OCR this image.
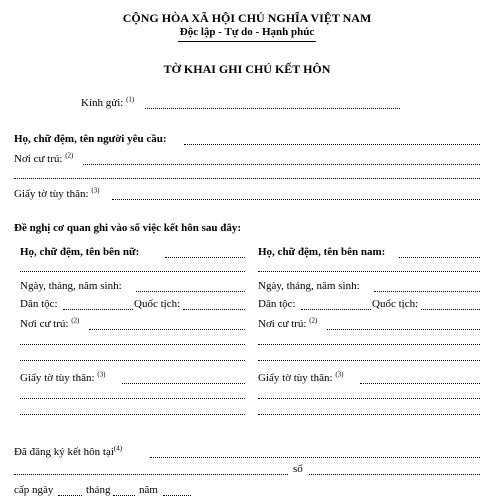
CỘNG HÒA XÃ HỘI CHỦ NGHĨA VIỆT NAM
Độc lập - Tự do - Hạnh phúc
TỜ KHAI GHI CHÚ KẾT HÔN
Kính gửi: $^{(1)}$
Họ, chữ đệm, tên người yêu cầu:
Nơi cư trú: $^{(2)}$
Giấy tờ tùy thân: $^{(3)}$
Đề nghị cơ quan ghi vào sổ việc kết hôn sau đây:
Họ, chữ đệm, tên bên nữ:
Ngày, tháng, năm sinh:
Dân tộc:	Quốc tịch:
Nơi cư trú: $^{(2)}$
Giấy tờ tùy thân: $^{(3)}$
Họ, chữ đệm, tên bên nam:
Ngày, tháng, năm sinh:
Dân tộc:	Quốc tịch:
Nơi cư trú: $^{(2)}$
Giấy tờ tùy thân: $^{(3)}$
Đã đăng ký kết hôn tại$^{(4)}$
số
cấp ngày	tháng	năm
